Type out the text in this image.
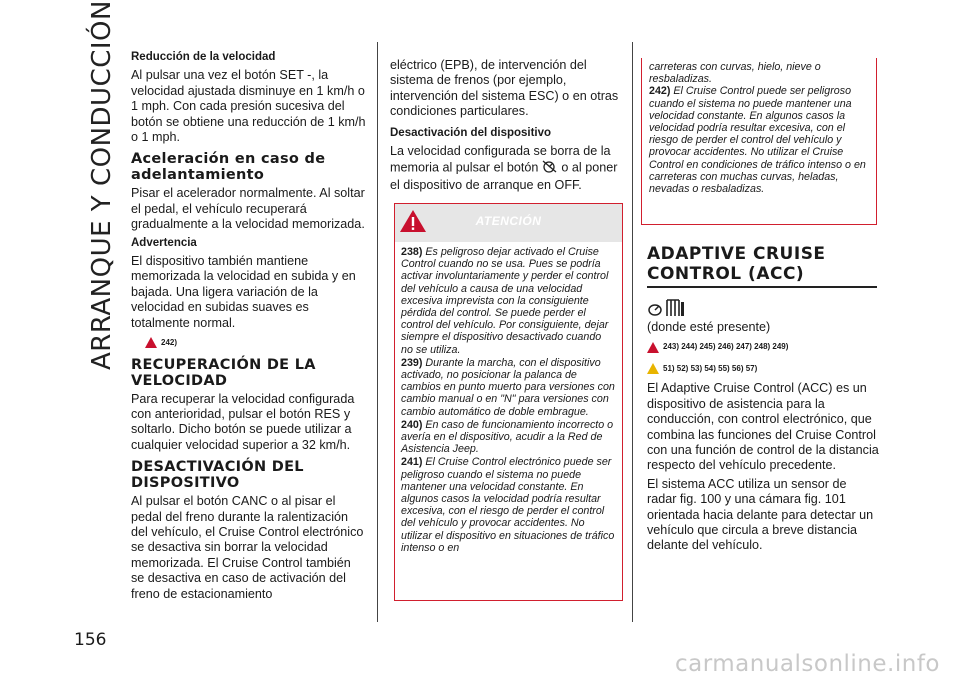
ARRANQUE Y CONDUCCIÓN
156
Reducción de la velocidad

Al pulsar una vez el botón SET -, la velocidad ajustada disminuye en 1 km/h o 1 mph. Con cada presión sucesiva del botón se obtiene una reducción de 1 km/h o 1 mph.

Aceleración en caso de adelantamiento

Pisar el acelerador normalmente. Al soltar el pedal, el vehículo recuperará gradualmente a la velocidad memorizada.

Advertencia

El dispositivo también mantiene memorizada la velocidad en subida y en bajada. Una ligera variación de la velocidad en subidas suaves es totalmente normal.

242)

RECUPERACIÓN DE LA VELOCIDAD

Para recuperar la velocidad configurada con anterioridad, pulsar el botón RES y soltarlo. Dicho botón se puede utilizar a cualquier velocidad superior a 32 km/h.

DESACTIVACIÓN DEL DISPOSITIVO

Al pulsar el botón CANC o al pisar el pedal del freno durante la ralentización del vehículo, el Cruise Control electrónico se desactiva sin borrar la velocidad memorizada. El Cruise Control también se desactiva en caso de activación del freno de estacionamiento

eléctrico (EPB), de intervención del sistema de frenos (por ejemplo, intervención del sistema ESC) o en otras condiciones particulares.

Desactivación del dispositivo

La velocidad configurada se borra de la memoria al pulsar el botón o al poner el dispositivo de arranque en OFF.

ATENCIÓN

238) Es peligroso dejar activado el Cruise Control cuando no se usa. Pues se podría activar involuntariamente y perder el control del vehículo a causa de una velocidad excesiva imprevista con la consiguiente pérdida del control. Se puede perder el control del vehículo. Por consiguiente, dejar siempre el dispositivo desactivado cuando no se utiliza.

239) Durante la marcha, con el dispositivo activado, no posicionar la palanca de cambios en punto muerto para versiones con cambio manual o en "N" para versiones con cambio automático de doble embrague.

240) En caso de funcionamiento incorrecto o avería en el dispositivo, acudir a la Red de Asistencia Jeep.

241) El Cruise Control electrónico puede ser peligroso cuando el sistema no puede mantener una velocidad constante. En algunos casos la velocidad podría resultar excesiva, con el riesgo de perder el control del vehículo y provocar accidentes. No utilizar el dispositivo en situaciones de tráfico intenso o en

carreteras con curvas, hielo, nieve o resbaladizas.

242) El Cruise Control puede ser peligroso cuando el sistema no puede mantener una velocidad constante. En algunos casos la velocidad podría resultar excesiva, con el riesgo de perder el control del vehículo y provocar accidentes. No utilizar el Cruise Control en condiciones de tráfico intenso o en carreteras con muchas curvas, heladas, nevadas o resbaladizas.

ADAPTIVE CRUISE CONTROL (ACC)

(donde esté presente)

243) 244) 245) 246) 247) 248) 249)

51) 52) 53) 54) 55) 56) 57)

El Adaptive Cruise Control (ACC) es un dispositivo de asistencia para la conducción, con control electrónico, que combina las funciones del Cruise Control con una función de control de la distancia respecto del vehículo precedente.

El sistema ACC utiliza un sensor de radar fig. 100 y una cámara fig. 101 orientada hacia delante para detectar un vehículo que circula a breve distancia delante del vehículo.

carmanualsonline.info
